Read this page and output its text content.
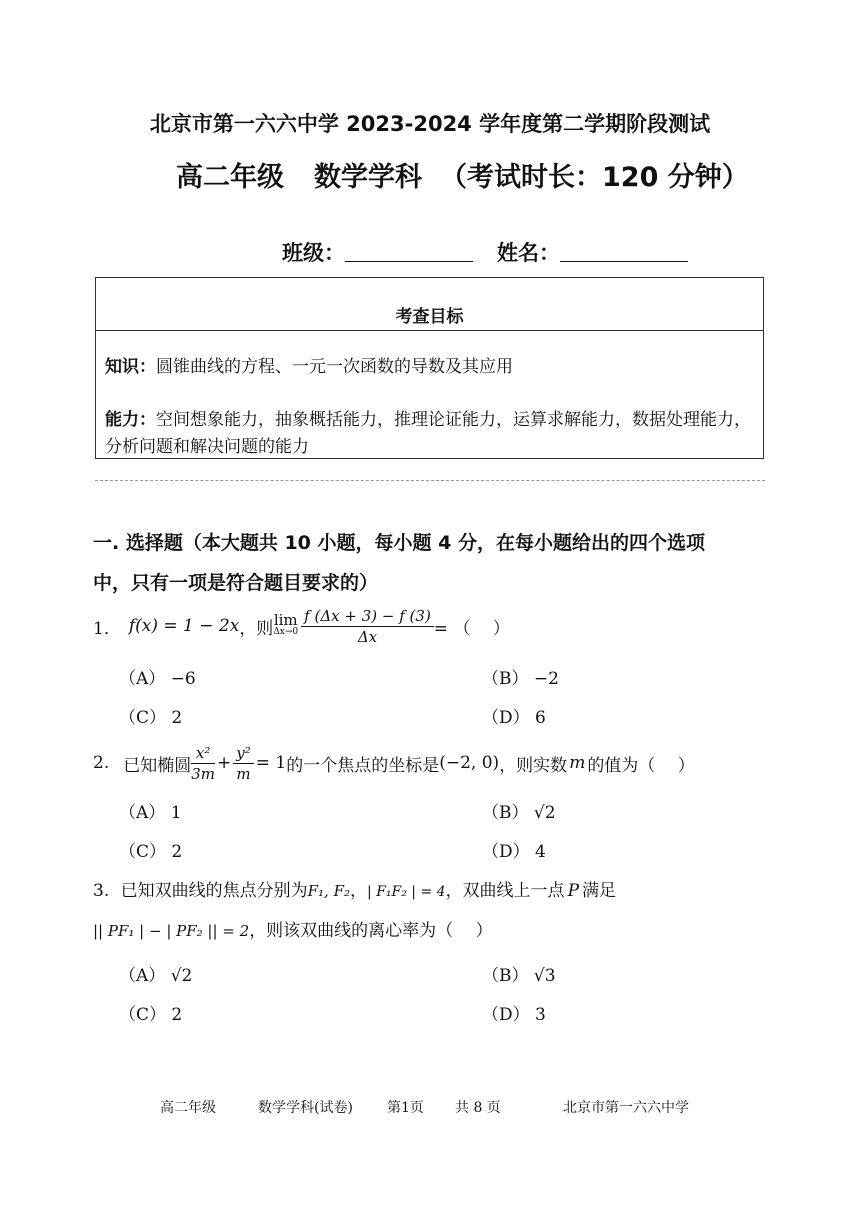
北京市第一六六中学 2023-2024 学年度第二学期阶段测试
高二年级 数学学科 （考试时长：120 分钟）
班级：	姓名：
考查目标
知识：圆锥曲线的方程、一元一次函数的导数及其应用
能力：空间想象能力，抽象概括能力，推理论证能力，运算求解能力，数据处理能力，分析问题和解决问题的能力
一. 选择题（本大题共 10 小题，每小题 4 分，在每小题给出的四个选项
中，只有一项是符合题目要求的）
1． f (x) = 1 − 2x ，则 lim
$\Delta x\to 0 \frac{f (\Delta x + 3) - f (3)}{\Delta x}$ = （　 ）
（A） −6	（B） −2
（C） 2	（D） 6
2. 已知椭圆 $\frac{\text{x²}}{3m} + \frac{\text{y²}}{m} = 1$ 的一个焦点的坐标是 (−2, 0) ，则实数 m 的值为（　 ）
（A） 1	（B） √2
（C） 2	（D） 4
3. 已知双曲线的焦点分别为F₁, F₂，| F₁F₂ | = 4，双曲线上一点 P 满足
|| PF₁ | − | PF₂ || = 2，则该双曲线的离心率为（　 ）
（A） √2	（B） √3
（C） 2	（D） 3
高二年级	数学学科(试卷) 第1页 共 8 页	北京市第一六六中学
